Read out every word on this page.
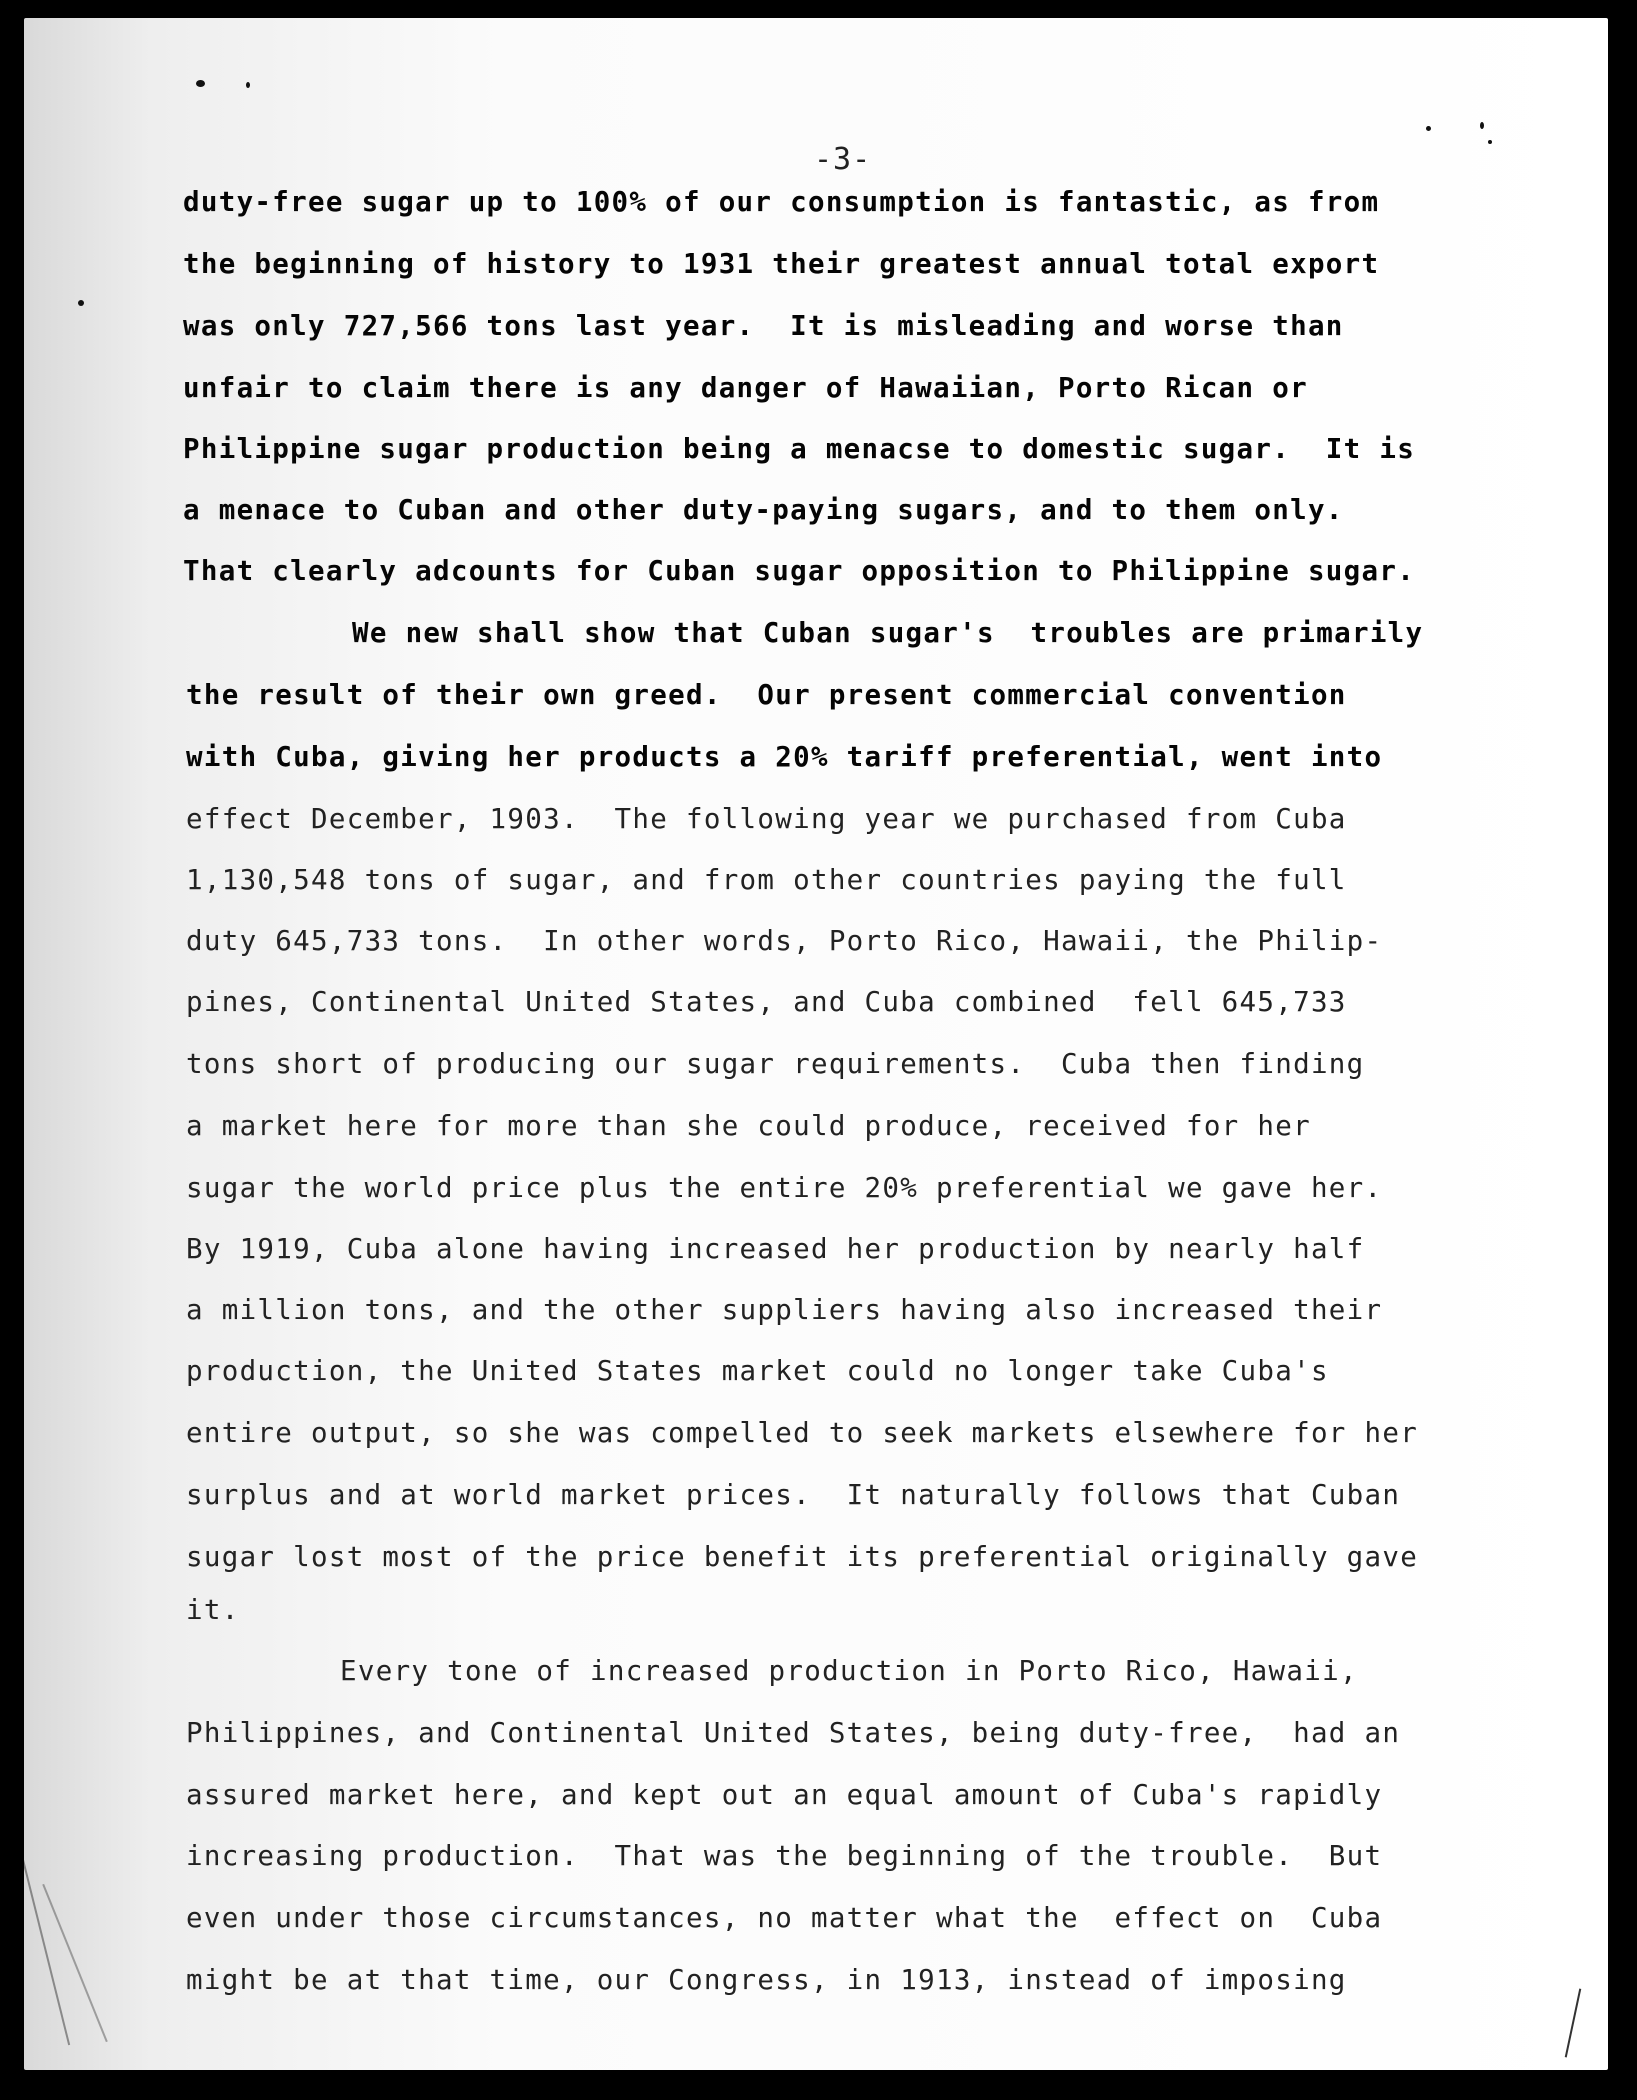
-3-
duty-free sugar up to 100% of our consumption is fantastic, as from
the beginning of history to 1931 their greatest annual total export
was only 727,566 tons last year.  It is misleading and worse than
unfair to claim there is any danger of Hawaiian, Porto Rican or
Philippine sugar production being a menacse to domestic sugar.  It is
a menace to Cuban and other duty-paying sugars, and to them only.
That clearly adcounts for Cuban sugar opposition to Philippine sugar.
We new shall show that Cuban sugar's  troubles are primarily
the result of their own greed.  Our present commercial convention
with Cuba, giving her products a 20% tariff preferential, went into
effect December, 1903.  The following year we purchased from Cuba
1,130,548 tons of sugar, and from other countries paying the full
duty 645,733 tons.  In other words, Porto Rico, Hawaii, the Philip-
pines, Continental United States, and Cuba combined  fell 645,733
tons short of producing our sugar requirements.  Cuba then finding
a market here for more than she could produce, received for her
sugar the world price plus the entire 20% preferential we gave her.
By 1919, Cuba alone having increased her production by nearly half
a million tons, and the other suppliers having also increased their
production, the United States market could no longer take Cuba's
entire output, so she was compelled to seek markets elsewhere for her
surplus and at world market prices.  It naturally follows that Cuban
sugar lost most of the price benefit its preferential originally gave
it.
Every tone of increased production in Porto Rico, Hawaii,
Philippines, and Continental United States, being duty-free,  had an
assured market here, and kept out an equal amount of Cuba's rapidly
increasing production.  That was the beginning of the trouble.  But
even under those circumstances, no matter what the  effect on  Cuba
might be at that time, our Congress, in 1913, instead of imposing
